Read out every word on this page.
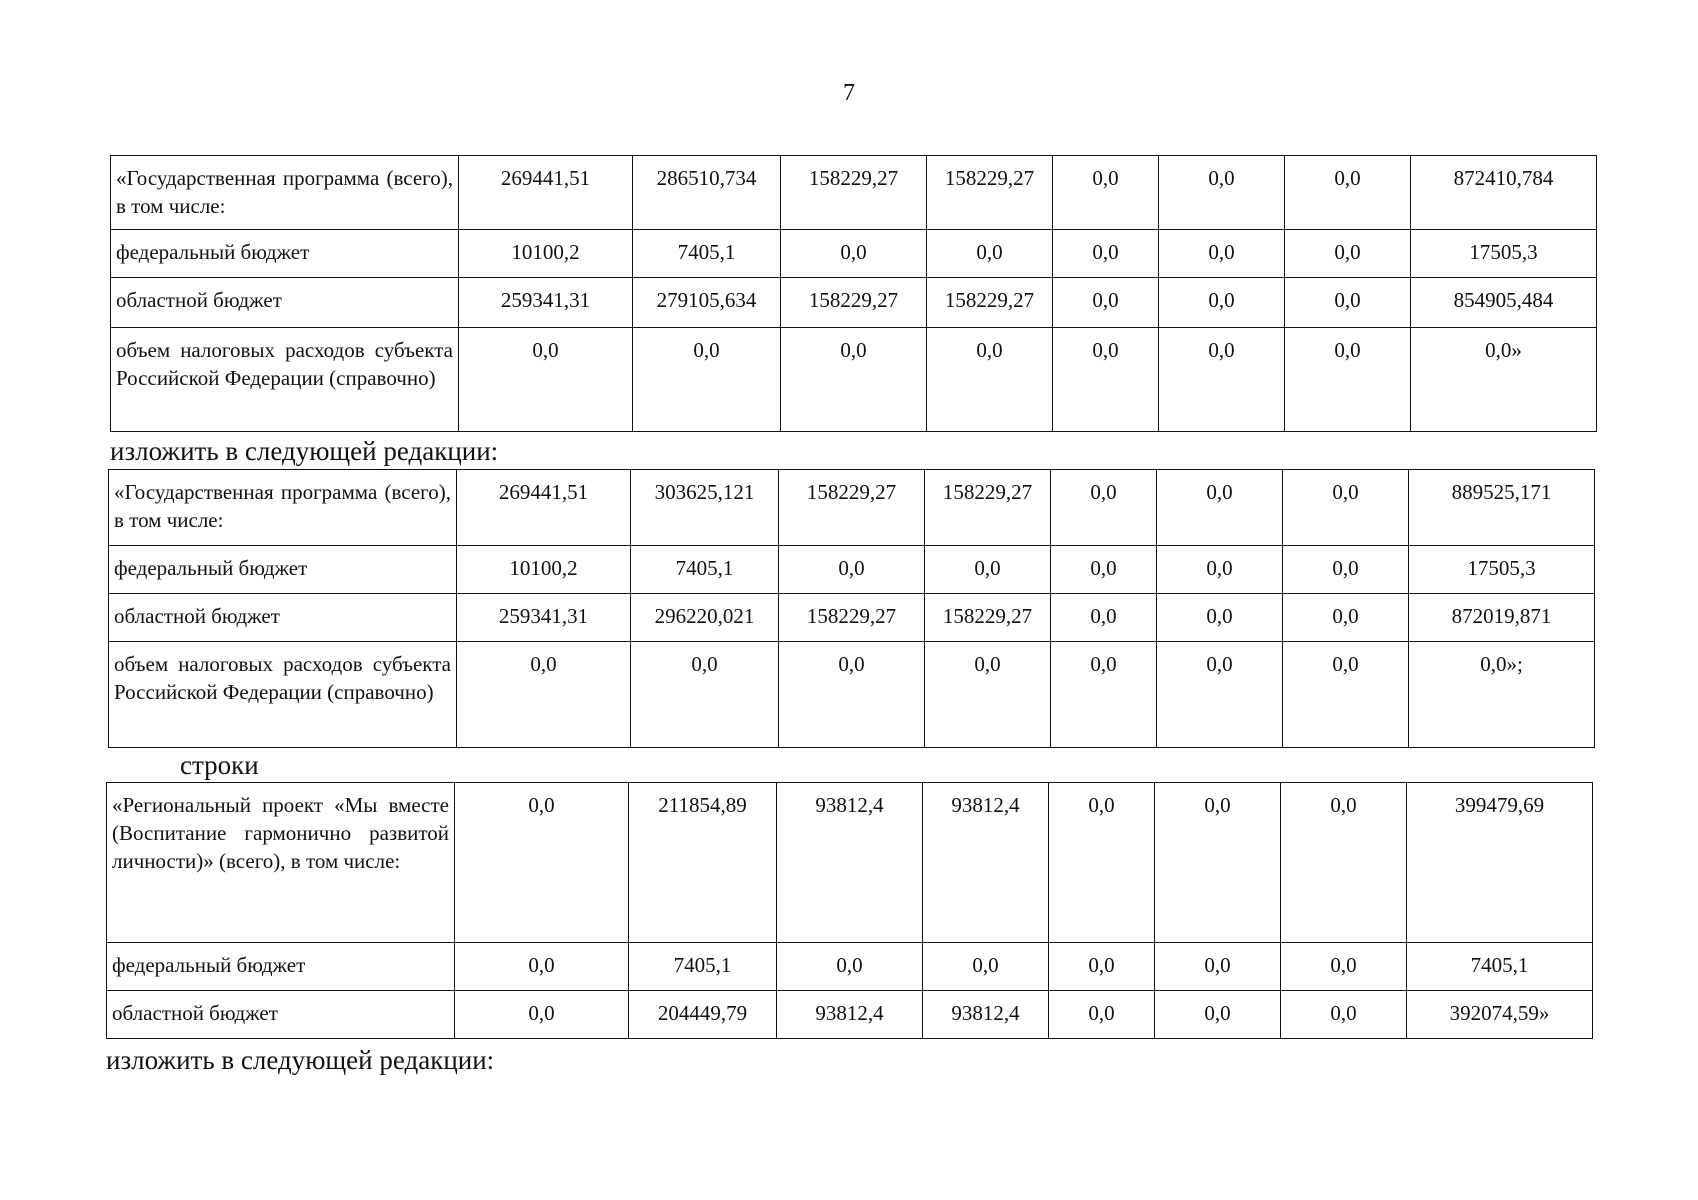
7
«Государственная программа (всего), в том числе:	269441,51	286510,734	158229,27	158229,27	0,0	0,0	0,0	872410,784
федеральный бюджет	10100,2	7405,1	0,0	0,0	0,0	0,0	0,0	17505,3
областной бюджет	259341,31	279105,634	158229,27	158229,27	0,0	0,0	0,0	854905,484
объем налоговых расходов субъекта Российской Федерации (справочно)	0,0	0,0	0,0	0,0	0,0	0,0	0,0	0,0»
изложить в следующей редакции:
«Государственная программа (всего), в том числе:	269441,51	303625,121	158229,27	158229,27	0,0	0,0	0,0	889525,171
федеральный бюджет	10100,2	7405,1	0,0	0,0	0,0	0,0	0,0	17505,3
областной бюджет	259341,31	296220,021	158229,27	158229,27	0,0	0,0	0,0	872019,871
объем налоговых расходов субъекта Российской Федерации (справочно)	0,0	0,0	0,0	0,0	0,0	0,0	0,0	0,0»;
строки
«Региональный проект «Мы вместе (Воспитание гармонично развитой личности)» (всего), в том числе:	0,0	211854,89	93812,4	93812,4	0,0	0,0	0,0	399479,69
федеральный бюджет	0,0	7405,1	0,0	0,0	0,0	0,0	0,0	7405,1
областной бюджет	0,0	204449,79	93812,4	93812,4	0,0	0,0	0,0	392074,59»
изложить в следующей редакции:
